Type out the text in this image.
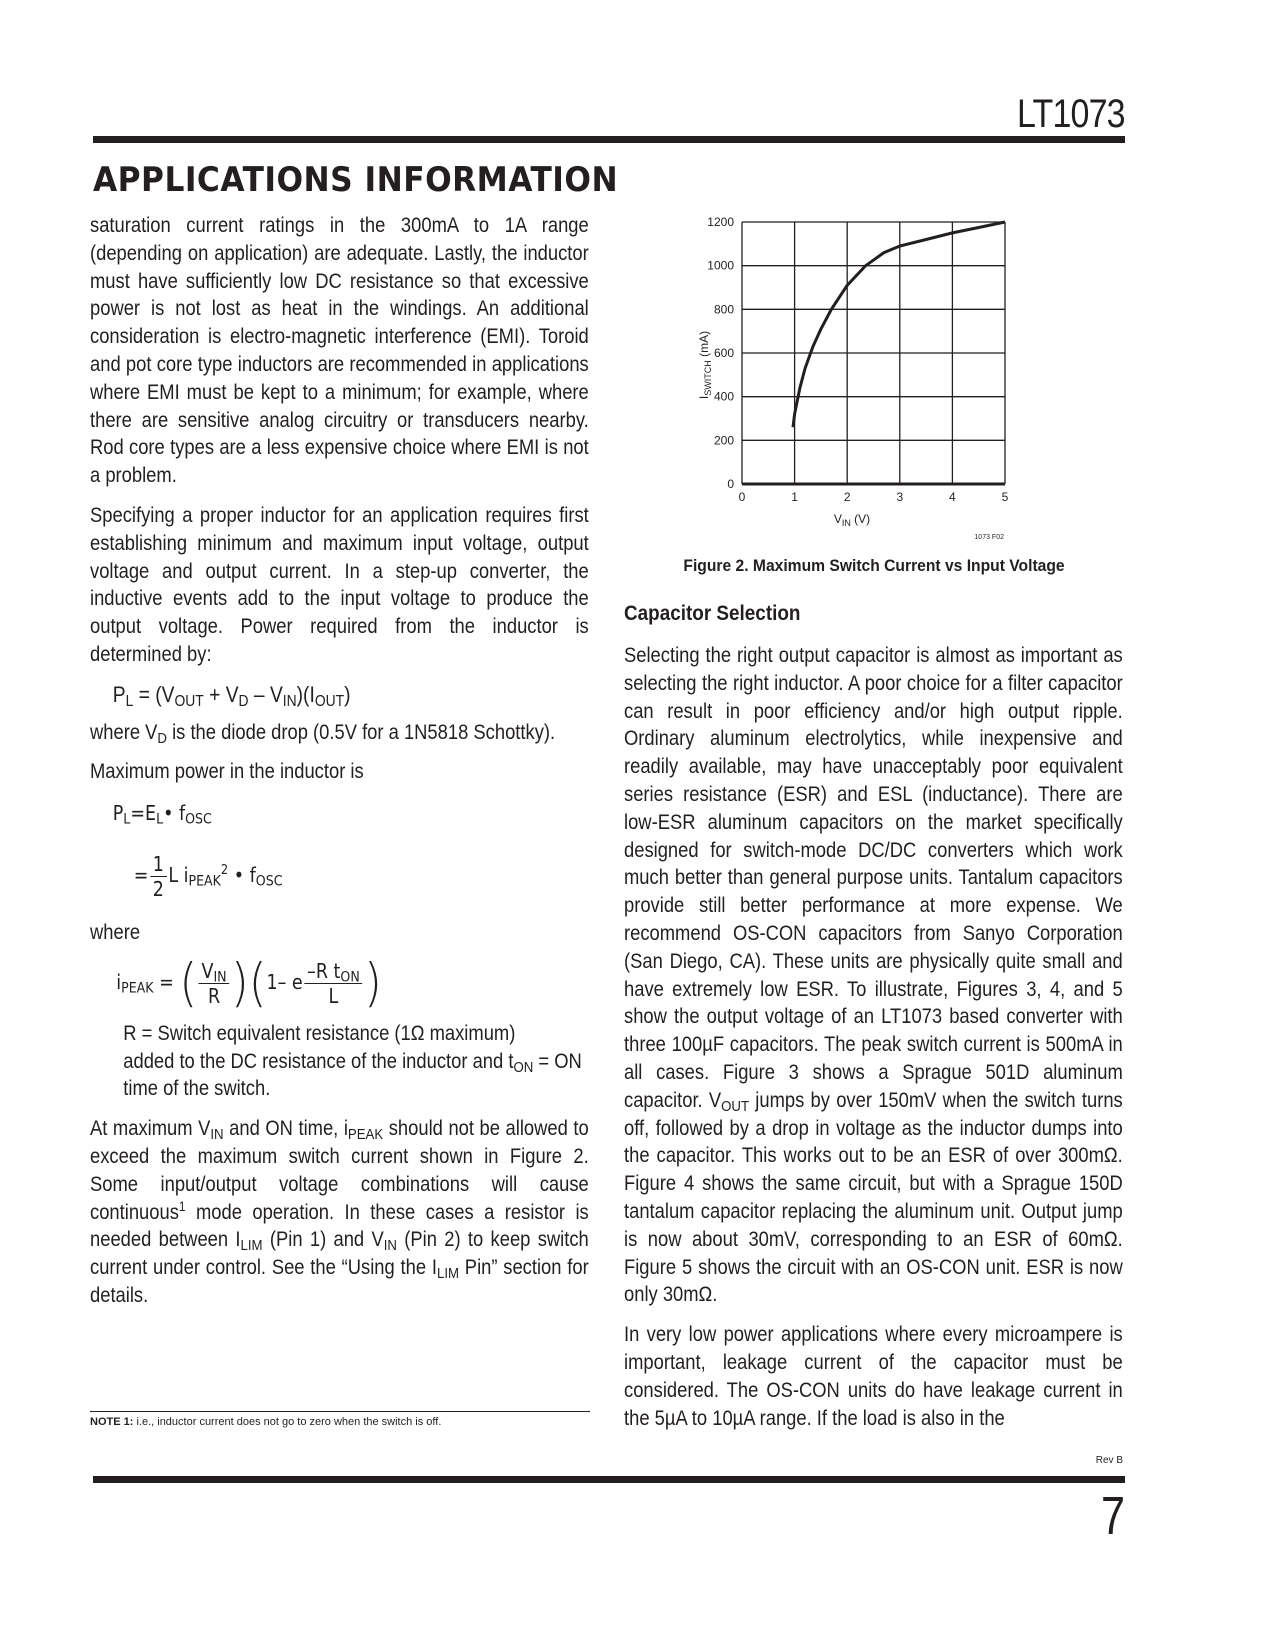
LT1073
APPLICATIONS INFORMATION

saturation current ratings in the 300mA to 1A range (depending on application) are adequate. Lastly, the inductor must have sufficiently low DC resistance so that excessive power is not lost as heat in the windings. An additional consideration is electro-magnetic interference (EMI). Toroid and pot core type inductors are recommended in applications where EMI must be kept to a minimum; for example, where there are sensitive analog circuitry or transducers nearby. Rod core types are a less expensive choice where EMI is not a problem.

Specifying a proper inductor for an application requires first establishing minimum and maximum input voltage, output voltage and output current. In a step-up converter, the inductive events add to the input voltage to produce the output voltage. Power required from the inductor is determined by:

$P_L = (V_{OUT} + V_D - V_{IN})(I_{OUT})$

where $V_D$ is the diode drop (0.5V for a 1N5818 Schottky).

Maximum power in the inductor is

$P_L=E_L•$ $f_{OSC}$
= $\frac{1}{2}$ L $i_{PEAK}^2$ • $f_{OSC}$

where

$i_{PEAK}$ = ( $\frac{V_{IN}}{R} )(1-$ e $\frac{-R t_{ON}}{L}$ )

R = Switch equivalent resistance (1Ω maximum)

added to the DC resistance of the inductor and $t_{ON}$ = ON

time of the switch.

At maximum $V_{IN}$ and ON time, $i_{PEAK}$ should not be allowed to exceed the maximum switch current shown in Figure 2. Some input/output voltage combinations will cause continuous$^1$ mode operation. In these cases a resistor is needed between $I_{LIM}$ (Pin 1) and $V_{IN}$ (Pin 2) to keep switch current under control. See the “Using the $I_{LIM}$ Pin” section for details.

NOTE 1: i.e., inductor current does not go to zero when the switch is off.
0	1	2	3	4	5
0
200
400
600
800
1000
1200
$V_{IN}$ (V)
$I_{SWITCH}$ (mA)
1073 F02
Figure 2. Maximum Switch Current vs Input Voltage
Capacitor Selection

Selecting the right output capacitor is almost as important as selecting the right inductor. A poor choice for a filter capacitor can result in poor efficiency and/or high output ripple. Ordinary aluminum electrolytics, while inexpensive and readily available, may have unacceptably poor equivalent series resistance (ESR) and ESL (inductance). There are low-ESR aluminum capacitors on the market specifically designed for switch-mode DC/DC converters which work much better than general purpose units. Tantalum capacitors provide still better performance at more expense. We recommend OS-CON capacitors from Sanyo Corporation (San Diego, CA). These units are physically quite small and have extremely low ESR. To illustrate, Figures 3, 4, and 5 show the output voltage of an LT1073 based converter with three 100µF capacitors. The peak switch current is 500mA in all cases. Figure 3 shows a Sprague 501D aluminum capacitor. $V_{OUT}$ jumps by over 150mV when the switch turns off, followed by a drop in voltage as the inductor dumps into the capacitor. This works out to be an ESR of over 300mΩ. Figure 4 shows the same circuit, but with a Sprague 150D tantalum capacitor replacing the aluminum unit. Output jump is now about 30mV, corresponding to an ESR of 60mΩ. Figure 5 shows the circuit with an OS-CON unit. ESR is now only 30mΩ.

In very low power applications where every microampere is important, leakage current of the capacitor must be considered. The OS-CON units do have leakage current in the 5µA to 10µA range. If the load is also in the

Rev B
7
